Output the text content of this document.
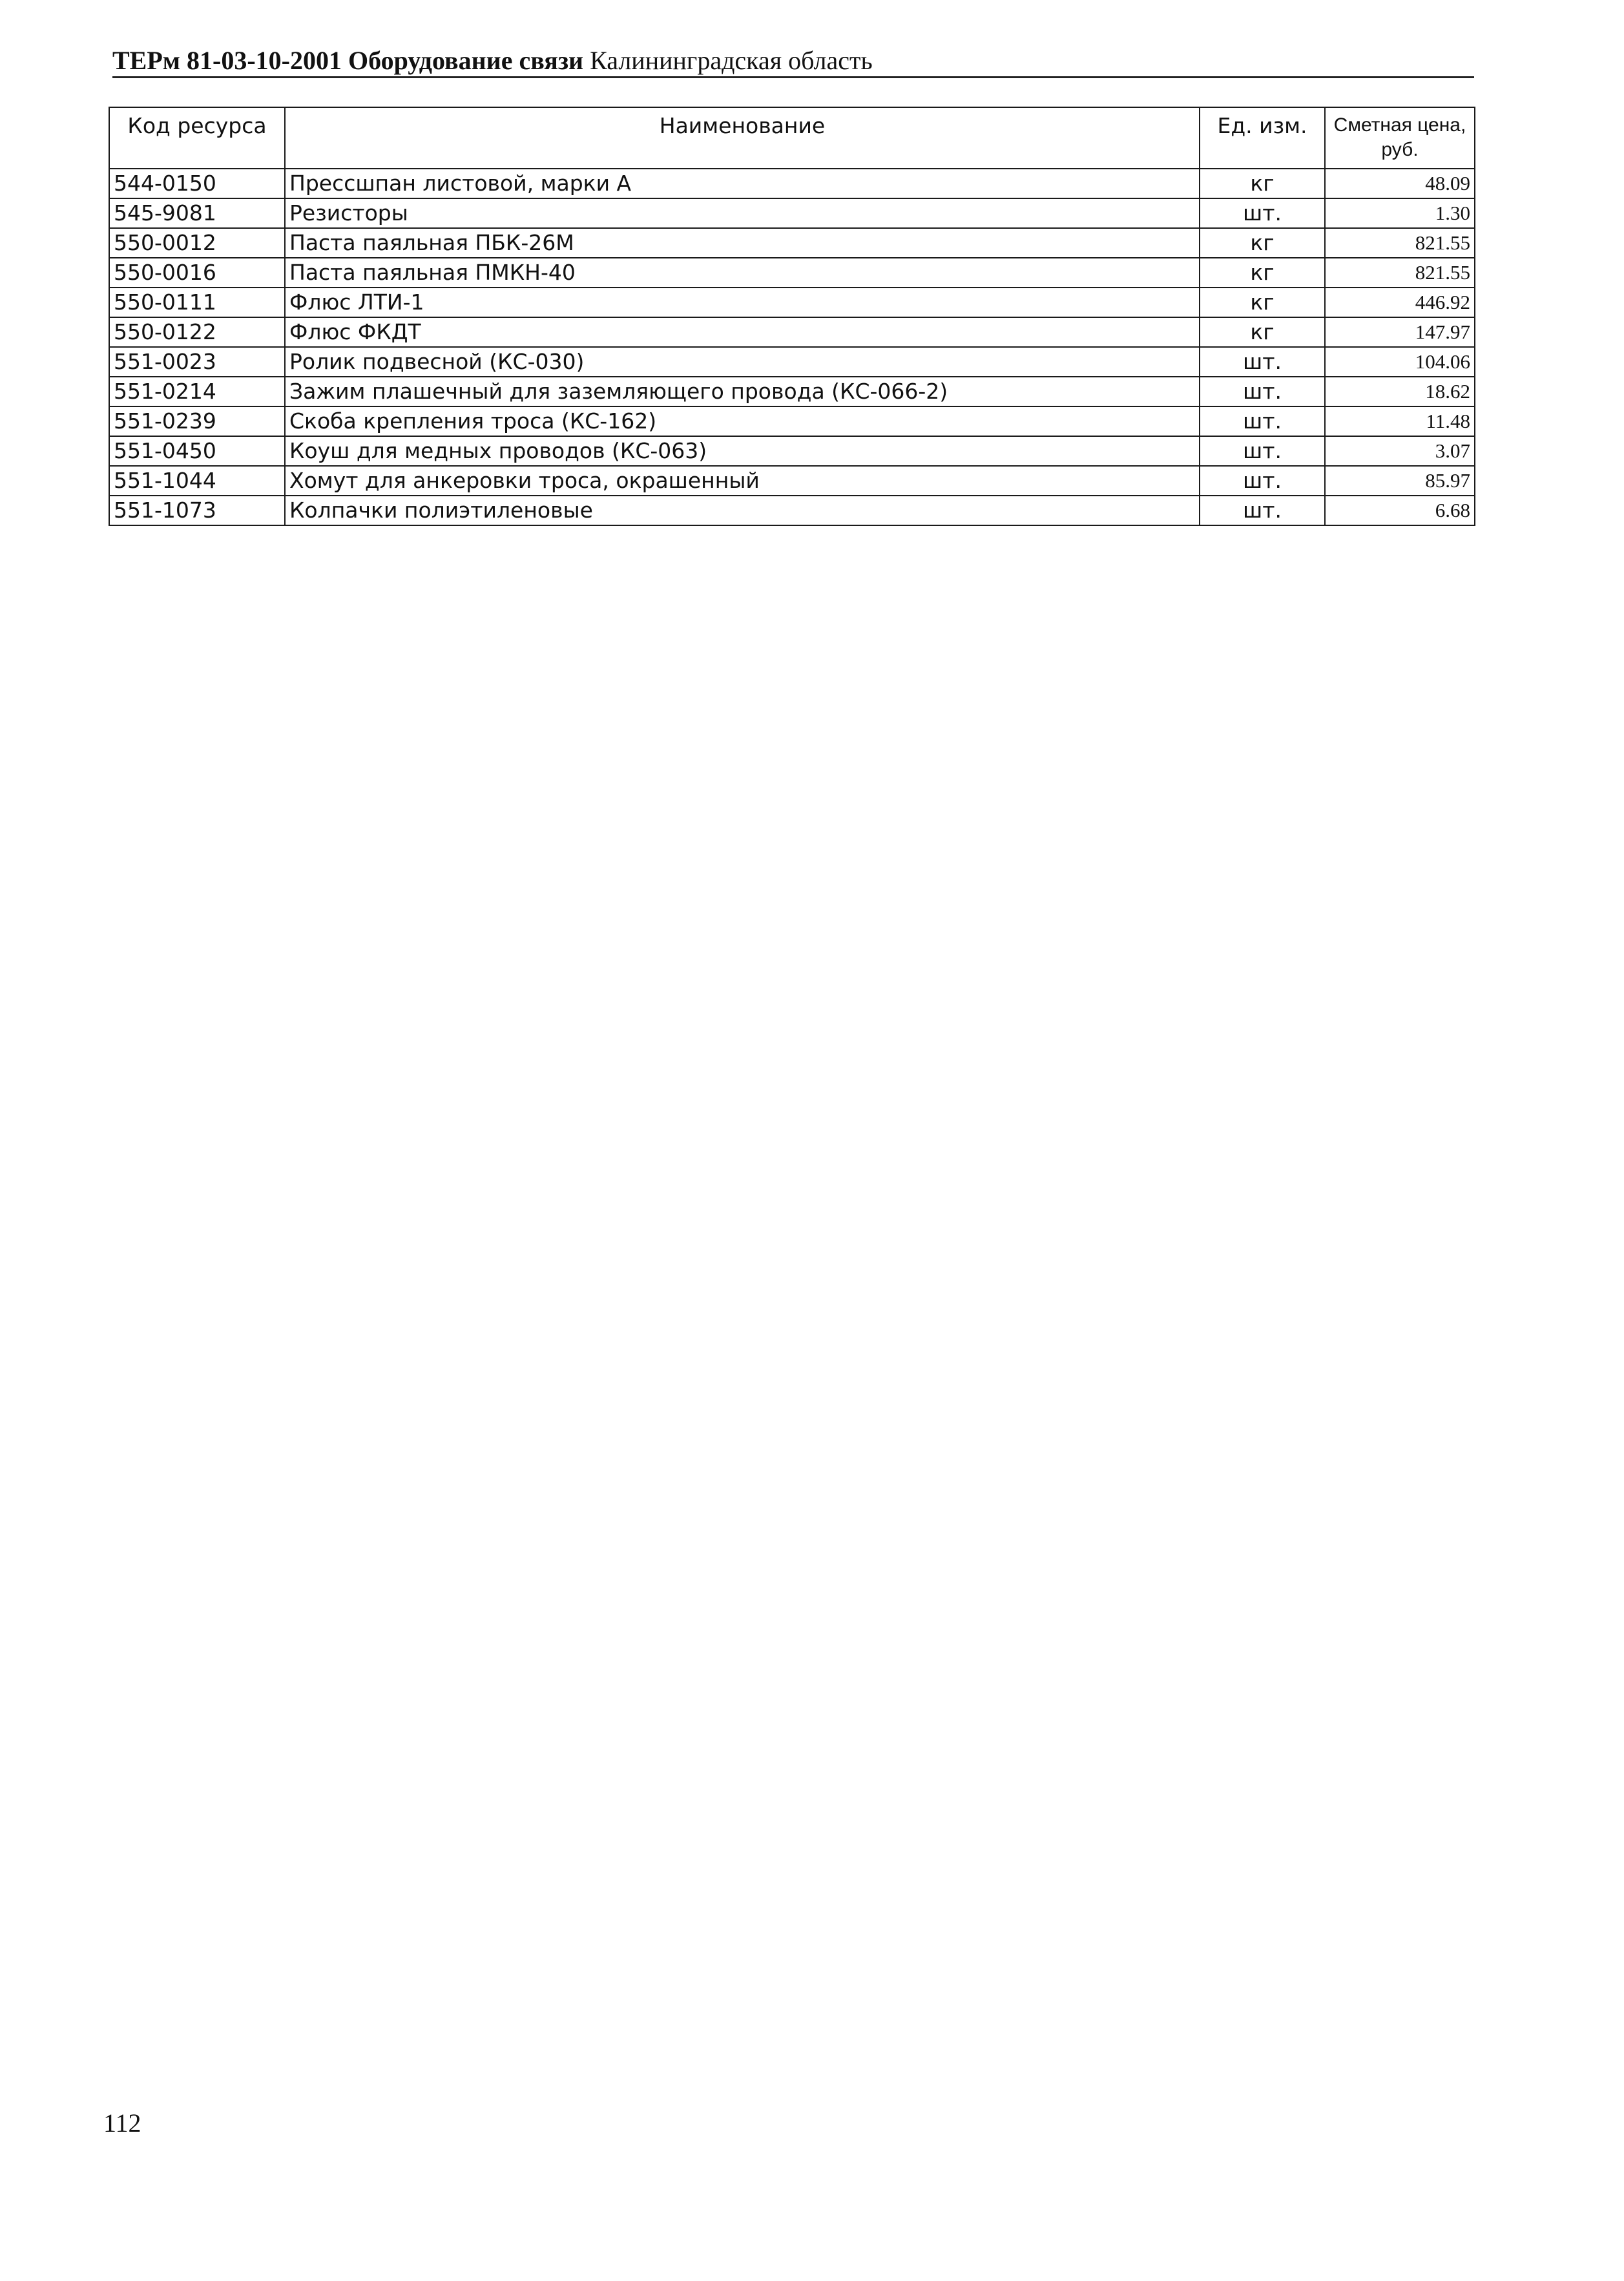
ТЕРм 81-03-10-2001 Оборудование связи Калининградская область
Код ресурса	Наименование	Ед. изм.	Сметная цена, руб.
544-0150	Прессшпан листовой, марки А	кг	48.09
545-9081	Резисторы	шт.	1.30
550-0012	Паста паяльная ПБК-26М	кг	821.55
550-0016	Паста паяльная ПМКН-40	кг	821.55
550-0111	Флюс ЛТИ-1	кг	446.92
550-0122	Флюс ФКДТ	кг	147.97
551-0023	Ролик подвесной (КС-030)	шт.	104.06
551-0214	Зажим плашечный для заземляющего провода (КС-066-2)	шт.	18.62
551-0239	Скоба крепления троса (КС-162)	шт.	11.48
551-0450	Коуш для медных проводов (КС-063)	шт.	3.07
551-1044	Хомут для анкеровки троса, окрашенный	шт.	85.97
551-1073	Колпачки полиэтиленовые	шт.	6.68
112
